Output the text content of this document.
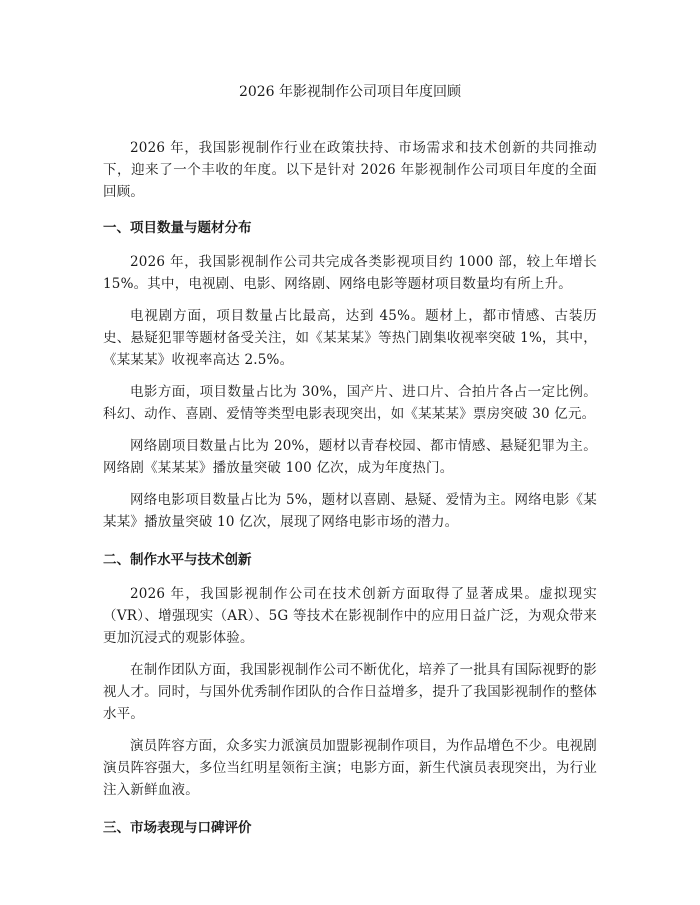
2026 年影视制作公司项目年度回顾

2026 年，我国影视制作行业在政策扶持、市场需求和技术创新的共同推动下，迎来了一个丰收的年度。以下是针对 2026 年影视制作公司项目年度的全面回顾。

一、项目数量与题材分布

2026 年，我国影视制作公司共完成各类影视项目约 1000 部，较上年增长 15%。其中，电视剧、电影、网络剧、网络电影等题材项目数量均有所上升。

电视剧方面，项目数量占比最高，达到 45%。题材上，都市情感、古装历史、悬疑犯罪等题材备受关注，如《某某某》等热门剧集收视率突破 1%，其中，《某某某》收视率高达 2.5%。

电影方面，项目数量占比为 30%，国产片、进口片、合拍片各占一定比例。科幻、动作、喜剧、爱情等类型电影表现突出，如《某某某》票房突破 30 亿元。

网络剧项目数量占比为 20%，题材以青春校园、都市情感、悬疑犯罪为主。网络剧《某某某》播放量突破 100 亿次，成为年度热门。

网络电影项目数量占比为 5%，题材以喜剧、悬疑、爱情为主。网络电影《某某某》播放量突破 10 亿次，展现了网络电影市场的潜力。

二、制作水平与技术创新

2026 年，我国影视制作公司在技术创新方面取得了显著成果。虚拟现实（VR）、增强现实（AR）、5G 等技术在影视制作中的应用日益广泛，为观众带来更加沉浸式的观影体验。

在制作团队方面，我国影视制作公司不断优化，培养了一批具有国际视野的影视人才。同时，与国外优秀制作团队的合作日益增多，提升了我国影视制作的整体水平。

演员阵容方面，众多实力派演员加盟影视制作项目，为作品增色不少。电视剧演员阵容强大，多位当红明星领衔主演；电影方面，新生代演员表现突出，为行业注入新鲜血液。

三、市场表现与口碑评价
